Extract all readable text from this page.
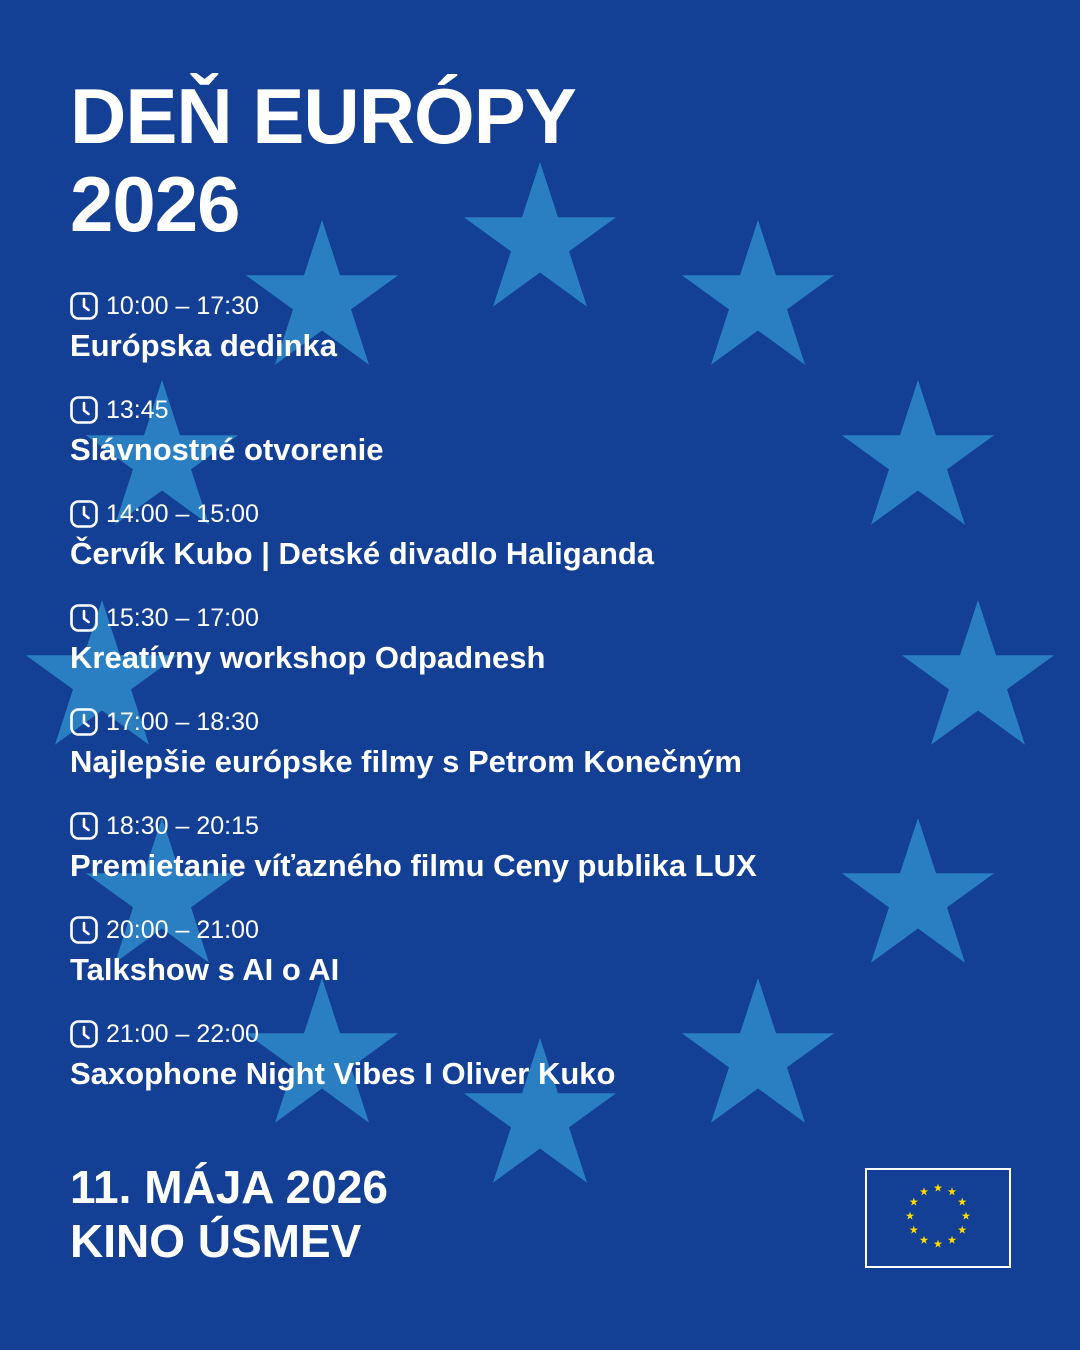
DEŇ EURÓPY
2026
10:00 – 17:30
Európska dedinka
13:45
Slávnostné otvorenie
14:00 – 15:00
Červík Kubo | Detské divadlo Haliganda
15:30 – 17:00
Kreatívny workshop Odpadnesh
17:00 – 18:30
Najlepšie európske filmy s Petrom Konečným
18:30 – 20:15
Premietanie víťazného filmu Ceny publika LUX
20:00 – 21:00
Talkshow s AI o AI
21:00 – 22:00
Saxophone Night Vibes I Oliver Kuko
11. MÁJA 2026
KINO ÚSMEV
